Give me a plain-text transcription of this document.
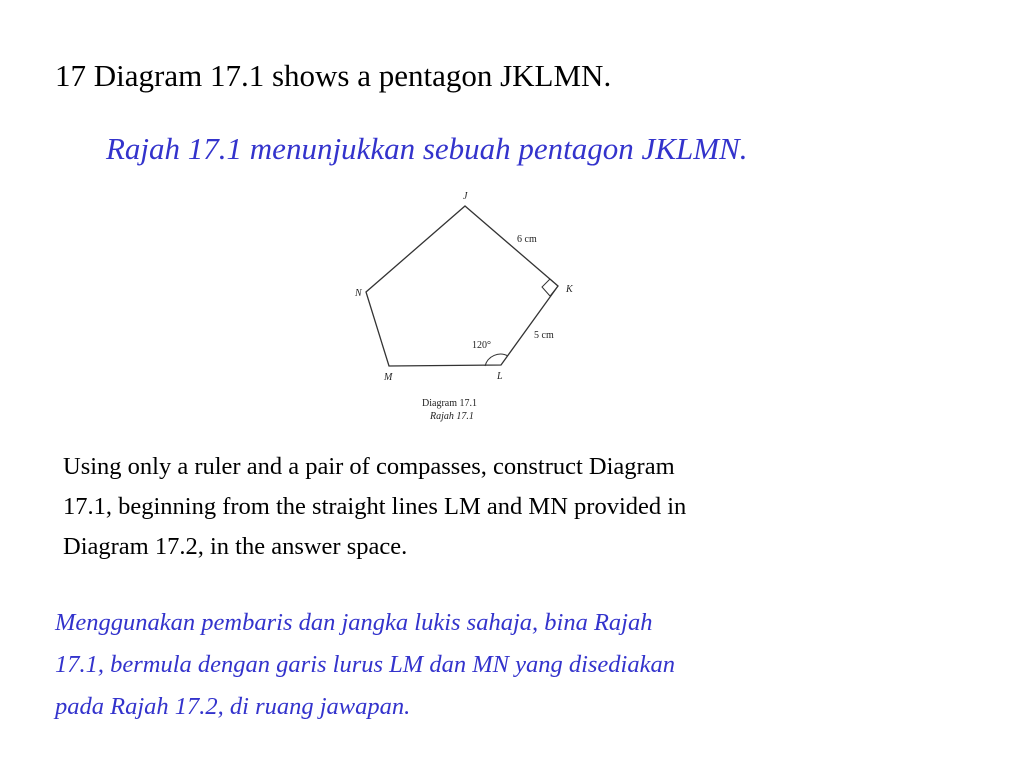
17 Diagram 17.1 shows a pentagon JKLMN.
Rajah 17.1 menunjukkan sebuah pentagon JKLMN.
J
K
L
M
N
6 cm
5 cm
120°
Diagram 17.1
Rajah 17.1
Using only a ruler and a pair of compasses, construct Diagram
17.1, beginning from the straight lines LM and MN provided in
Diagram 17.2, in the answer space.
Menggunakan pembaris dan jangka lukis sahaja, bina Rajah
17.1, bermula dengan garis lurus LM dan MN yang disediakan
pada Rajah 17.2, di ruang jawapan.
